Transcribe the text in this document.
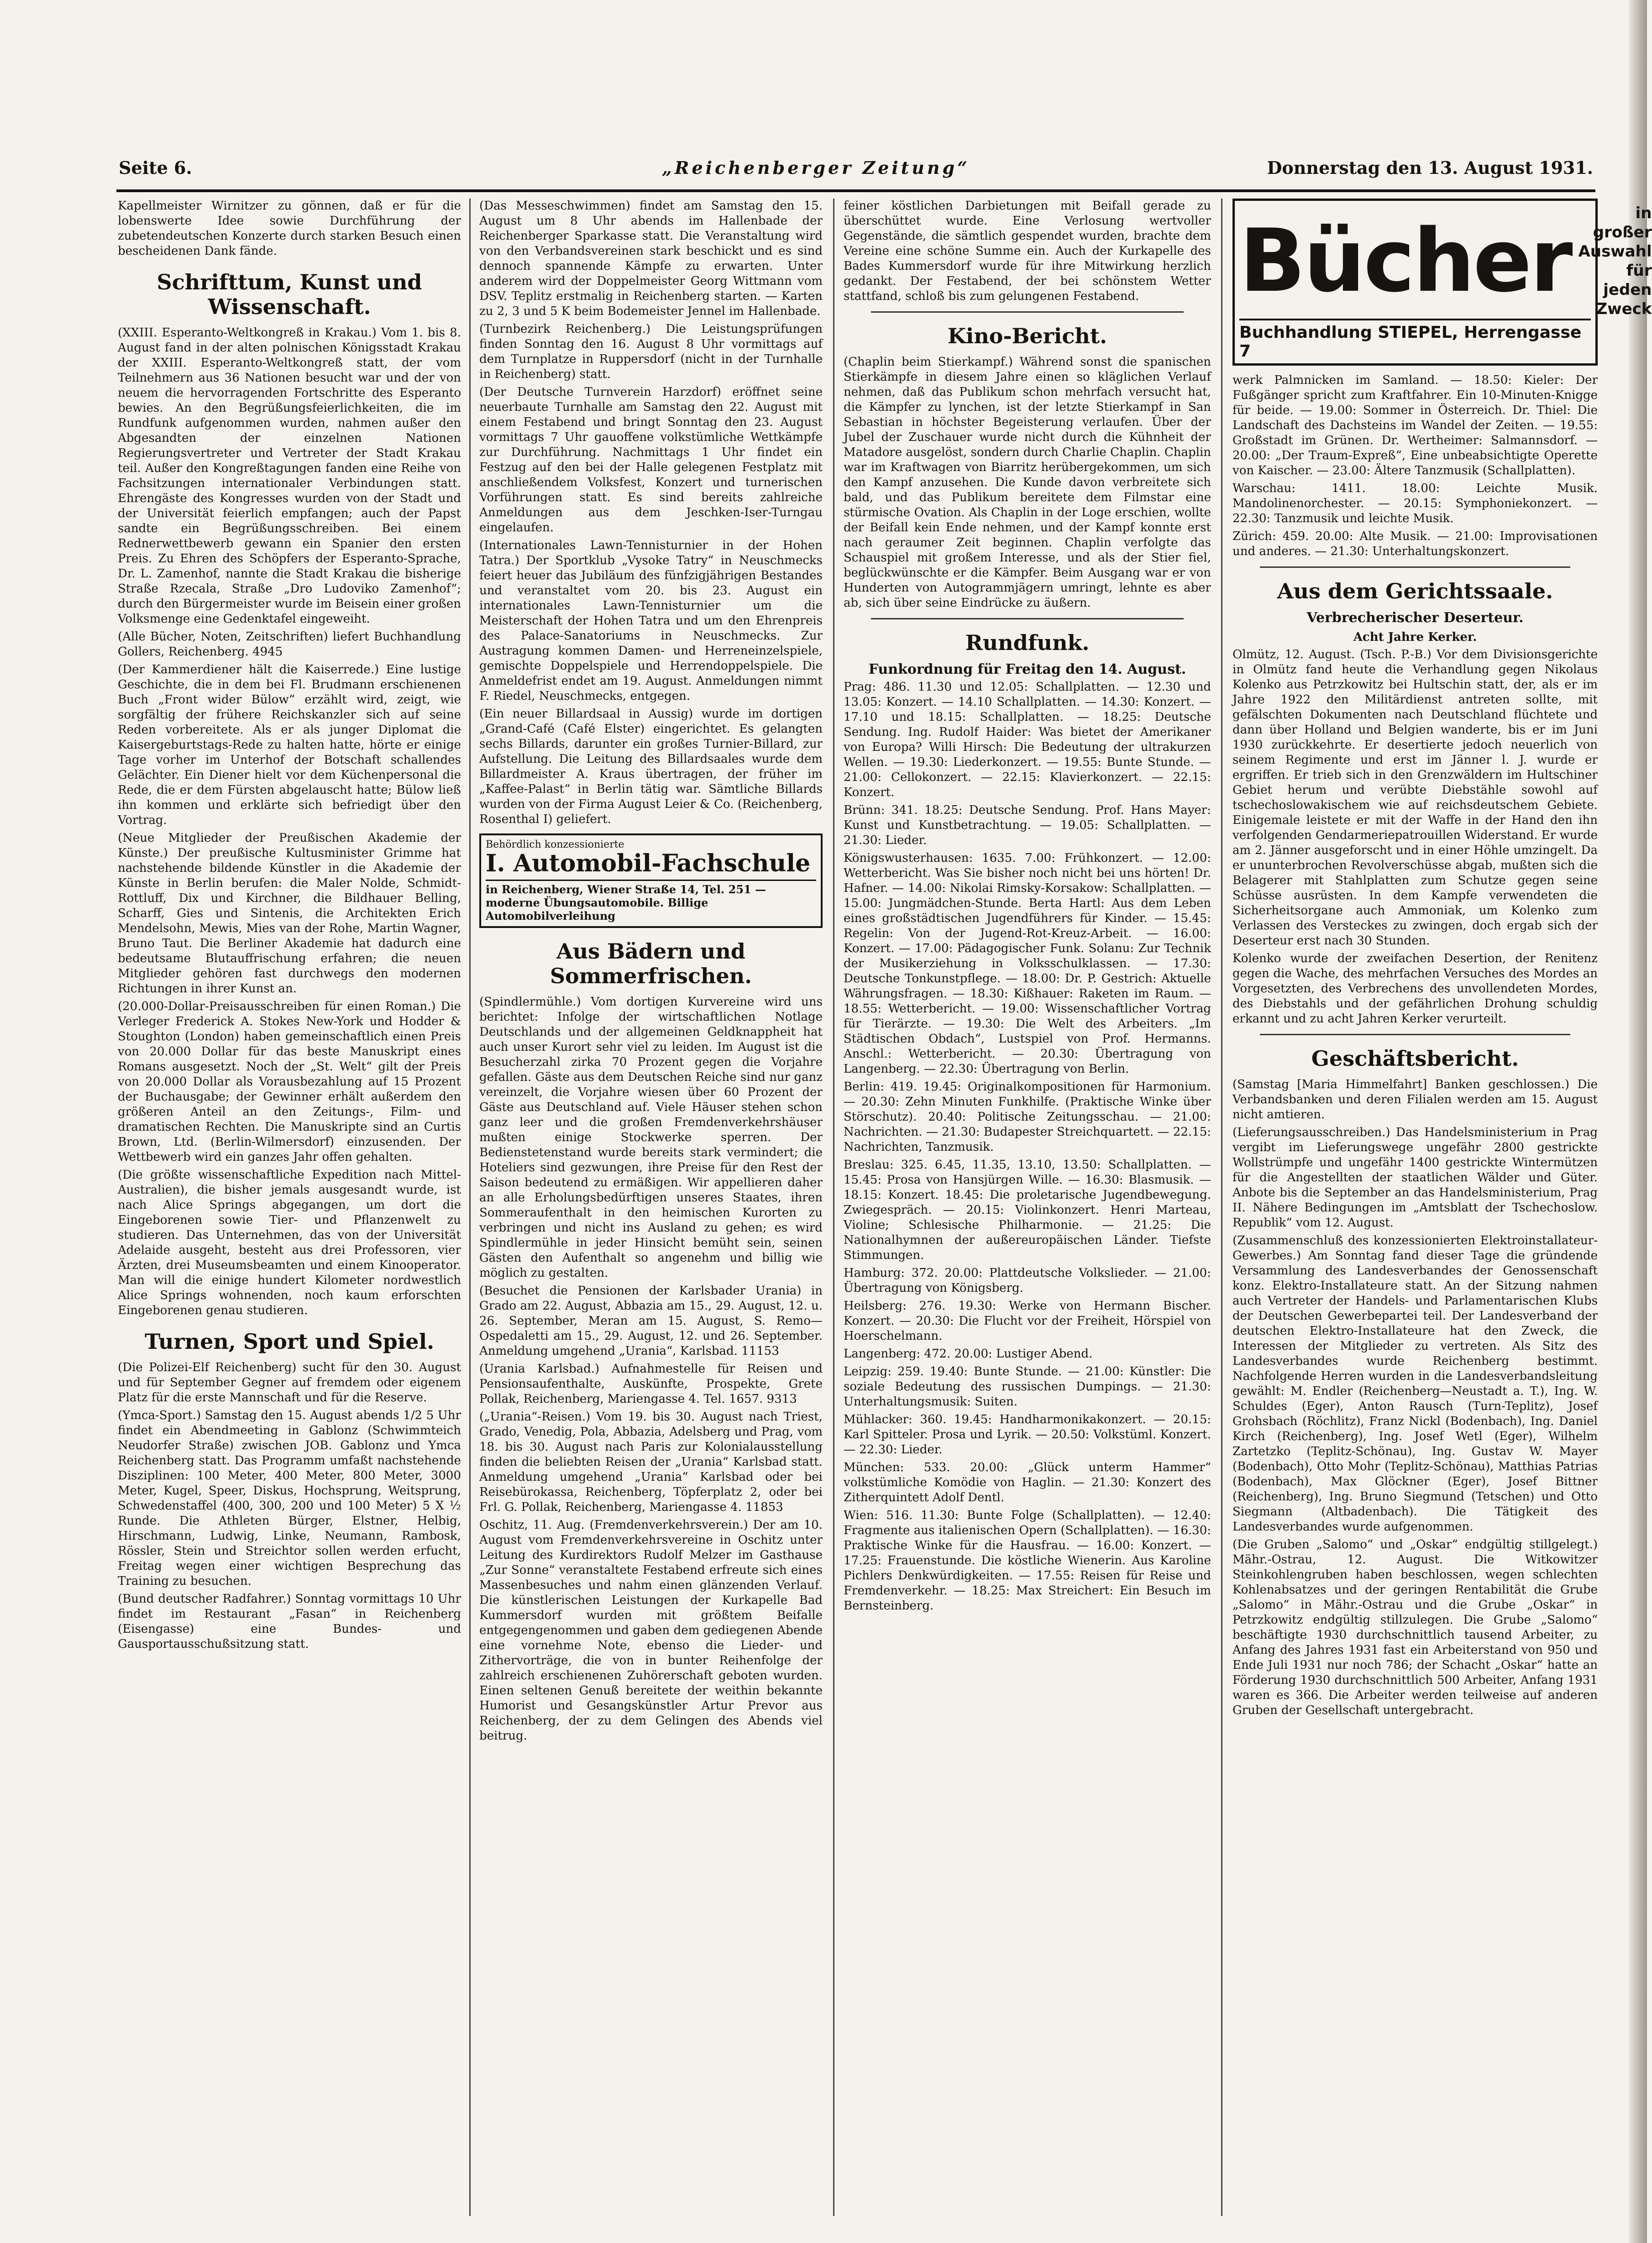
Seite 6.	„Reichenberger Zeitung“	Donnerstag den 13. August 1931.

Kapellmeister Wirnitzer zu gönnen, daß er für die lobenswerte Idee sowie Durchführung der zubetendeutschen Konzerte durch starken Besuch einen bescheidenen Dank fände.

Schrifttum, Kunst und Wissenschaft.

(XXIII. Esperanto-Weltkongreß in Krakau.) Vom 1. bis 8. August fand in der alten polnischen Königsstadt Krakau der XXIII. Esperanto-Weltkongreß statt, der vom Teilnehmern aus 36 Nationen besucht war und der von neuem die hervorragenden Fortschritte des Esperanto bewies. An den Begrüßungsfeierlichkeiten, die im Rundfunk aufgenommen wurden, nahmen außer den Abgesandten der einzelnen Nationen Regierungsvertreter und Vertreter der Stadt Krakau teil. Außer den Kongreßtagungen fanden eine Reihe von Fachsitzungen internationaler Verbindungen statt. Ehrengäste des Kongresses wurden von der Stadt und der Universität feierlich empfangen; auch der Papst sandte ein Begrüßungsschreiben. Bei einem Rednerwettbewerb gewann ein Spanier den ersten Preis. Zu Ehren des Schöpfers der Esperanto-Sprache, Dr. L. Zamenhof, nannte die Stadt Krakau die bisherige Straße Rzecala, Straße „Dro Ludoviko Zamenhof“; durch den Bürgermeister wurde im Beisein einer großen Volksmenge eine Gedenktafel eingeweiht.

(Alle Bücher, Noten, Zeitschriften) liefert Buchhandlung Gollers, Reichenberg. 4945

(Der Kammerdiener hält die Kaiserrede.) Eine lustige Geschichte, die in dem bei Fl. Brudmann erschienenen Buch „Front wider Bülow“ erzählt wird, zeigt, wie sorgfältig der frühere Reichskanzler sich auf seine Reden vorbereitete. Als er als junger Diplomat die Kaisergeburtstags-Rede zu halten hatte, hörte er einige Tage vorher im Unterhof der Botschaft schallendes Gelächter. Ein Diener hielt vor dem Küchenpersonal die Rede, die er dem Fürsten abgelauscht hatte; Bülow ließ ihn kommen und erklärte sich befriedigt über den Vortrag.

(Neue Mitglieder der Preußischen Akademie der Künste.) Der preußische Kultusminister Grimme hat nachstehende bildende Künstler in die Akademie der Künste in Berlin berufen: die Maler Nolde, Schmidt-Rottluff, Dix und Kirchner, die Bildhauer Belling, Scharff, Gies und Sintenis, die Architekten Erich Mendelsohn, Mewis, Mies van der Rohe, Martin Wagner, Bruno Taut. Die Berliner Akademie hat dadurch eine bedeutsame Blutauffrischung erfahren; die neuen Mitglieder gehören fast durchwegs den modernen Richtungen in ihrer Kunst an.

(20.000-Dollar-Preisausschreiben für einen Roman.) Die Verleger Frederick A. Stokes New-York und Hodder & Stoughton (London) haben gemeinschaftlich einen Preis von 20.000 Dollar für das beste Manuskript eines Romans ausgesetzt. Noch der „St. Welt“ gilt der Preis von 20.000 Dollar als Vorausbezahlung auf 15 Prozent der Buchausgabe; der Gewinner erhält außerdem den größeren Anteil an den Zeitungs-, Film- und dramatischen Rechten. Die Manuskripte sind an Curtis Brown, Ltd. (Berlin-Wilmersdorf) einzusenden. Der Wettbewerb wird ein ganzes Jahr offen gehalten.

(Die größte wissenschaftliche Expedition nach Mittel-Australien), die bisher jemals ausgesandt wurde, ist nach Alice Springs abgegangen, um dort die Eingeborenen sowie Tier- und Pflanzenwelt zu studieren. Das Unternehmen, das von der Universität Adelaide ausgeht, besteht aus drei Professoren, vier Ärzten, drei Museumsbeamten und einem Kinooperator. Man will die einige hundert Kilometer nordwestlich Alice Springs wohnenden, noch kaum erforschten Eingeborenen genau studieren.

Turnen, Sport und Spiel.

(Die Polizei-Elf Reichenberg) sucht für den 30. August und für September Gegner auf fremdem oder eigenem Platz für die erste Mannschaft und für die Reserve.

(Ymca-Sport.) Samstag den 15. August abends 1/2 5 Uhr findet ein Abendmeeting in Gablonz (Schwimmteich Neudorfer Straße) zwischen JOB. Gablonz und Ymca Reichenberg statt. Das Programm umfaßt nachstehende Disziplinen: 100 Meter, 400 Meter, 800 Meter, 3000 Meter, Kugel, Speer, Diskus, Hochsprung, Weitsprung, Schwedenstaffel (400, 300, 200 und 100 Meter) 5 X ½ Runde. Die Athleten Bürger, Elstner, Helbig, Hirschmann, Ludwig, Linke, Neumann, Rambosk, Rössler, Stein und Streichtor sollen werden erfucht, Freitag wegen einer wichtigen Besprechung das Training zu besuchen.

(Bund deutscher Radfahrer.) Sonntag vormittags 10 Uhr findet im Restaurant „Fasan“ in Reichenberg (Eisengasse) eine Bundes- und Gausportausschußsitzung statt.

(Das Messeschwimmen) findet am Samstag den 15. August um 8 Uhr abends im Hallenbade der Reichenberger Sparkasse statt. Die Veranstaltung wird von den Verbandsvereinen stark beschickt und es sind dennoch spannende Kämpfe zu erwarten. Unter anderem wird der Doppelmeister Georg Wittmann vom DSV. Teplitz erstmalig in Reichenberg starten. — Karten zu 2, 3 und 5 K beim Bodemeister Jennel im Hallenbade.

(Turnbezirk Reichenberg.) Die Leistungsprüfungen finden Sonntag den 16. August 8 Uhr vormittags auf dem Turnplatze in Ruppersdorf (nicht in der Turnhalle in Reichenberg) statt.

(Der Deutsche Turnverein Harzdorf) eröffnet seine neuerbaute Turnhalle am Samstag den 22. August mit einem Festabend und bringt Sonntag den 23. August vormittags 7 Uhr gauoffene volkstümliche Wettkämpfe zur Durchführung. Nachmittags 1 Uhr findet ein Festzug auf den bei der Halle gelegenen Festplatz mit anschließendem Volksfest, Konzert und turnerischen Vorführungen statt. Es sind bereits zahlreiche Anmeldungen aus dem Jeschken-Iser-Turngau eingelaufen.

(Internationales Lawn-Tennisturnier in der Hohen Tatra.) Der Sportklub „Vysoke Tatry“ in Neuschmecks feiert heuer das Jubiläum des fünfzigjährigen Bestandes und veranstaltet vom 20. bis 23. August ein internationales Lawn-Tennisturnier um die Meisterschaft der Hohen Tatra und um den Ehrenpreis des Palace-Sanatoriums in Neuschmecks. Zur Austragung kommen Damen- und Herreneinzelspiele, gemischte Doppelspiele und Herrendoppelspiele. Die Anmeldefrist endet am 19. August. Anmeldungen nimmt F. Riedel, Neuschmecks, entgegen.

(Ein neuer Billardsaal in Aussig) wurde im dortigen „Grand-Café (Café Elster) eingerichtet. Es gelangten sechs Billards, darunter ein großes Turnier-Billard, zur Aufstellung. Die Leitung des Billardsaales wurde dem Billardmeister A. Kraus übertragen, der früher im „Kaffee-Palast“ in Berlin tätig war. Sämtliche Billards wurden von der Firma August Leier & Co. (Reichenberg, Rosenthal I) geliefert.

Behördlich konzessionierte
I. Automobil-Fachschule
in Reichenberg, Wiener Straße 14, Tel. 251 — moderne Übungsautomobile. Billige Automobilverleihung
Aus Bädern und Sommerfrischen.

(Spindlermühle.) Vom dortigen Kurvereine wird uns berichtet: Infolge der wirtschaftlichen Notlage Deutschlands und der allgemeinen Geldknappheit hat auch unser Kurort sehr viel zu leiden. Im August ist die Besucherzahl zirka 70 Prozent gegen die Vorjahre gefallen. Gäste aus dem Deutschen Reiche sind nur ganz vereinzelt, die Vorjahre wiesen über 60 Prozent der Gäste aus Deutschland auf. Viele Häuser stehen schon ganz leer und die großen Fremdenverkehrshäuser mußten einige Stockwerke sperren. Der Bedienstetenstand wurde bereits stark vermindert; die Hoteliers sind gezwungen, ihre Preise für den Rest der Saison bedeutend zu ermäßigen. Wir appellieren daher an alle Erholungsbedürftigen unseres Staates, ihren Sommeraufenthalt in den heimischen Kurorten zu verbringen und nicht ins Ausland zu gehen; es wird Spindlermühle in jeder Hinsicht bemüht sein, seinen Gästen den Aufenthalt so angenehm und billig wie möglich zu gestalten.

(Besuchet die Pensionen der Karlsbader Urania) in Grado am 22. August, Abbazia am 15., 29. August, 12. u. 26. September, Meran am 15. August, S. Remo—Ospedaletti am 15., 29. August, 12. und 26. September. Anmeldung umgehend „Urania“, Karlsbad. 11153

(Urania Karlsbad.) Aufnahmestelle für Reisen und Pensionsaufenthalte, Auskünfte, Prospekte, Grete Pollak, Reichenberg, Mariengasse 4. Tel. 1657. 9313

(„Urania“-Reisen.) Vom 19. bis 30. August nach Triest, Grado, Venedig, Pola, Abbazia, Adelsberg und Prag, vom 18. bis 30. August nach Paris zur Kolonialausstellung finden die beliebten Reisen der „Urania“ Karlsbad statt. Anmeldung umgehend „Urania“ Karlsbad oder bei Reisebürokassa, Reichenberg, Töpferplatz 2, oder bei Frl. G. Pollak, Reichenberg, Mariengasse 4. 11853

Oschitz, 11. Aug. (Fremdenverkehrsverein.) Der am 10. August vom Fremdenverkehrsvereine in Oschitz unter Leitung des Kurdirektors Rudolf Melzer im Gasthause „Zur Sonne“ veranstaltete Festabend erfreute sich eines Massenbesuches und nahm einen glänzenden Verlauf. Die künstlerischen Leistungen der Kurkapelle Bad Kummersdorf wurden mit größtem Beifalle entgegengenommen und gaben dem gediegenen Abende eine vornehme Note, ebenso die Lieder- und Zithervorträge, die von in bunter Reihenfolge der zahlreich erschienenen Zuhörerschaft geboten wurden. Einen seltenen Genuß bereitete der weithin bekannte Humorist und Gesangskünstler Artur Prevor aus Reichenberg, der zu dem Gelingen des Abends viel beitrug.

feiner köstlichen Darbietungen mit Beifall gerade zu überschüttet wurde. Eine Verlosung wertvoller Gegenstände, die sämtlich gespendet wurden, brachte dem Vereine eine schöne Summe ein. Auch der Kurkapelle des Bades Kummersdorf wurde für ihre Mitwirkung herzlich gedankt. Der Festabend, der bei schönstem Wetter stattfand, schloß bis zum gelungenen Festabend.

Kino-Bericht.

(Chaplin beim Stierkampf.) Während sonst die spanischen Stierkämpfe in diesem Jahre einen so kläglichen Verlauf nehmen, daß das Publikum schon mehrfach versucht hat, die Kämpfer zu lynchen, ist der letzte Stierkampf in San Sebastian in höchster Begeisterung verlaufen. Über der Jubel der Zuschauer wurde nicht durch die Kühnheit der Matadore ausgelöst, sondern durch Charlie Chaplin. Chaplin war im Kraftwagen von Biarritz herübergekommen, um sich den Kampf anzusehen. Die Kunde davon verbreitete sich bald, und das Publikum bereitete dem Filmstar eine stürmische Ovation. Als Chaplin in der Loge erschien, wollte der Beifall kein Ende nehmen, und der Kampf konnte erst nach geraumer Zeit beginnen. Chaplin verfolgte das Schauspiel mit großem Interesse, und als der Stier fiel, beglückwünschte er die Kämpfer. Beim Ausgang war er von Hunderten von Autogrammjägern umringt, lehnte es aber ab, sich über seine Eindrücke zu äußern.

Rundfunk.
Funkordnung für Freitag den 14. August.

Prag: 486. 11.30 und 12.05: Schallplatten. — 12.30 und 13.05: Konzert. — 14.10 Schallplatten. — 14.30: Konzert. — 17.10 und 18.15: Schallplatten. — 18.25: Deutsche Sendung. Ing. Rudolf Haider: Was bietet der Amerikaner von Europa? Willi Hirsch: Die Bedeutung der ultrakurzen Wellen. — 19.30: Liederkonzert. — 19.55: Bunte Stunde. — 21.00: Cellokonzert. — 22.15: Klavierkonzert. — 22.15: Konzert.

Brünn: 341. 18.25: Deutsche Sendung. Prof. Hans Mayer: Kunst und Kunstbetrachtung. — 19.05: Schallplatten. — 21.30: Lieder.

Königswusterhausen: 1635. 7.00: Frühkonzert. — 12.00: Wetterbericht. Was Sie bisher noch nicht bei uns hörten! Dr. Hafner. — 14.00: Nikolai Rimsky-Korsakow: Schallplatten. — 15.00: Jungmädchen-Stunde. Berta Hartl: Aus dem Leben eines großstädtischen Jugendführers für Kinder. — 15.45: Regelin: Von der Jugend-Rot-Kreuz-Arbeit. — 16.00: Konzert. — 17.00: Pädagogischer Funk. Solanu: Zur Technik der Musikerziehung in Volksschulklassen. — 17.30: Deutsche Tonkunstpflege. — 18.00: Dr. P. Gestrich: Aktuelle Währungsfragen. — 18.30: Kißhauer: Raketen im Raum. — 18.55: Wetterbericht. — 19.00: Wissenschaftlicher Vortrag für Tierärzte. — 19.30: Die Welt des Arbeiters. „Im Städtischen Obdach“, Lustspiel von Prof. Hermanns. Anschl.: Wetterbericht. — 20.30: Übertragung von Langenberg. — 22.30: Übertragung von Berlin.

Berlin: 419. 19.45: Originalkompositionen für Harmonium. — 20.30: Zehn Minuten Funkhilfe. (Praktische Winke über Störschutz). 20.40: Politische Zeitungsschau. — 21.00: Nachrichten. — 21.30: Budapester Streichquartett. — 22.15: Nachrichten, Tanzmusik.

Breslau: 325. 6.45, 11.35, 13.10, 13.50: Schallplatten. — 15.45: Prosa von Hansjürgen Wille. — 16.30: Blasmusik. — 18.15: Konzert. 18.45: Die proletarische Jugendbewegung. Zwiegespräch. — 20.15: Violinkonzert. Henri Marteau, Violine; Schlesische Philharmonie. — 21.25: Die Nationalhymnen der außereuropäischen Länder. Tiefste Stimmungen.

Hamburg: 372. 20.00: Plattdeutsche Volkslieder. — 21.00: Übertragung von Königsberg.

Heilsberg: 276. 19.30: Werke von Hermann Bischer. Konzert. — 20.30: Die Flucht vor der Freiheit, Hörspiel von Hoerschelmann.

Langenberg: 472. 20.00: Lustiger Abend.

Leipzig: 259. 19.40: Bunte Stunde. — 21.00: Künstler: Die soziale Bedeutung des russischen Dumpings. — 21.30: Unterhaltungsmusik: Suiten.

Mühlacker: 360. 19.45: Handharmonikakonzert. — 20.15: Karl Spitteler. Prosa und Lyrik. — 20.50: Volkstüml. Konzert. — 22.30: Lieder.

München: 533. 20.00: „Glück unterm Hammer“ volkstümliche Komödie von Haglin. — 21.30: Konzert des Zitherquintett Adolf Dentl.

Wien: 516. 11.30: Bunte Folge (Schallplatten). — 12.40: Fragmente aus italienischen Opern (Schallplatten). — 16.30: Praktische Winke für die Hausfrau. — 16.00: Konzert. — 17.25: Frauenstunde. Die köstliche Wienerin. Aus Karoline Pichlers Denkwürdigkeiten. — 17.55: Reisen für Reise und Fremdenverkehr. — 18.25: Max Streichert: Ein Besuch im Bernsteinberg.

Bücher	in großer Auswahl für jeden Zweck
Buchhandlung STIEPEL, Herrengasse 7

werk Palmnicken im Samland. — 18.50: Kieler: Der Fußgänger spricht zum Kraftfahrer. Ein 10-Minuten-Knigge für beide. — 19.00: Sommer in Österreich. Dr. Thiel: Die Landschaft des Dachsteins im Wandel der Zeiten. — 19.55: Großstadt im Grünen. Dr. Wertheimer: Salmannsdorf. — 20.00: „Der Traum-Expreß“, Eine unbeabsichtigte Operette von Kaischer. — 23.00: Ältere Tanzmusik (Schallplatten).

Warschau: 1411. 18.00: Leichte Musik. Mandolinenorchester. — 20.15: Symphoniekonzert. — 22.30: Tanzmusik und leichte Musik.

Zürich: 459. 20.00: Alte Musik. — 21.00: Improvisationen und anderes. — 21.30: Unterhaltungskonzert.

Aus dem Gerichtssaale.
Verbrecherischer Deserteur.
Acht Jahre Kerker.

Olmütz, 12. August. (Tsch. P.-B.) Vor dem Divisionsgerichte in Olmütz fand heute die Verhandlung gegen Nikolaus Kolenko aus Petrzkowitz bei Hultschin statt, der, als er im Jahre 1922 den Militärdienst antreten sollte, mit gefälschten Dokumenten nach Deutschland flüchtete und dann über Holland und Belgien wanderte, bis er im Juni 1930 zurückkehrte. Er desertierte jedoch neuerlich von seinem Regimente und erst im Jänner l. J. wurde er ergriffen. Er trieb sich in den Grenzwäldern im Hultschiner Gebiet herum und verübte Diebstähle sowohl auf tschechoslowakischem wie auf reichsdeutschem Gebiete. Einigemale leistete er mit der Waffe in der Hand den ihn verfolgenden Gendarmeriepatrouillen Widerstand. Er wurde am 2. Jänner ausgeforscht und in einer Höhle umzingelt. Da er ununterbrochen Revolverschüsse abgab, mußten sich die Belagerer mit Stahlplatten zum Schutze gegen seine Schüsse ausrüsten. In dem Kampfe verwendeten die Sicherheitsorgane auch Ammoniak, um Kolenko zum Verlassen des Versteckes zu zwingen, doch ergab sich der Deserteur erst nach 30 Stunden.

Kolenko wurde der zweifachen Desertion, der Renitenz gegen die Wache, des mehrfachen Versuches des Mordes an Vorgesetzten, des Verbrechens des unvollendeten Mordes, des Diebstahls und der gefährlichen Drohung schuldig erkannt und zu acht Jahren Kerker verurteilt.

Geschäftsbericht.

(Samstag [Maria Himmelfahrt] Banken geschlossen.) Die Verbandsbanken und deren Filialen werden am 15. August nicht amtieren.

(Lieferungsausschreiben.) Das Handelsministerium in Prag vergibt im Lieferungswege ungefähr 2800 gestrickte Wollstrümpfe und ungefähr 1400 gestrickte Wintermützen für die Angestellten der staatlichen Wälder und Güter. Anbote bis die September an das Handelsministerium, Prag II. Nähere Bedingungen im „Amtsblatt der Tschechoslow. Republik“ vom 12. August.

(Zusammenschluß des konzessionierten Elektroinstallateur-Gewerbes.) Am Sonntag fand dieser Tage die gründende Versammlung des Landesverbandes der Genossenschaft konz. Elektro-Installateure statt. An der Sitzung nahmen auch Vertreter der Handels- und Parlamentarischen Klubs der Deutschen Gewerbepartei teil. Der Landesverband der deutschen Elektro-Installateure hat den Zweck, die Interessen der Mitglieder zu vertreten. Als Sitz des Landesverbandes wurde Reichenberg bestimmt. Nachfolgende Herren wurden in die Landesverbandsleitung gewählt: M. Endler (Reichenberg—Neustadt a. T.), Ing. W. Schuldes (Eger), Anton Rausch (Turn-Teplitz), Josef Grohsbach (Röchlitz), Franz Nickl (Bodenbach), Ing. Daniel Kirch (Reichenberg), Ing. Josef Wetl (Eger), Wilhelm Zartetzko (Teplitz-Schönau), Ing. Gustav W. Mayer (Bodenbach), Otto Mohr (Teplitz-Schönau), Matthias Patrias (Bodenbach), Max Glöckner (Eger), Josef Bittner (Reichenberg), Ing. Bruno Siegmund (Tetschen) und Otto Siegmann (Altbadenbach). Die Tätigkeit des Landesverbandes wurde aufgenommen.

(Die Gruben „Salomo“ und „Oskar“ endgültig stillgelegt.) Mähr.-Ostrau, 12. August. Die Witkowitzer Steinkohlengruben haben beschlossen, wegen schlechten Kohlenabsatzes und der geringen Rentabilität die Grube „Salomo“ in Mähr.-Ostrau und die Grube „Oskar“ in Petrzkowitz endgültig stillzulegen. Die Grube „Salomo“ beschäftigte 1930 durchschnittlich tausend Arbeiter, zu Anfang des Jahres 1931 fast ein Arbeiterstand von 950 und Ende Juli 1931 nur noch 786; der Schacht „Oskar“ hatte an Förderung 1930 durchschnittlich 500 Arbeiter, Anfang 1931 waren es 366. Die Arbeiter werden teilweise auf anderen Gruben der Gesellschaft untergebracht.
